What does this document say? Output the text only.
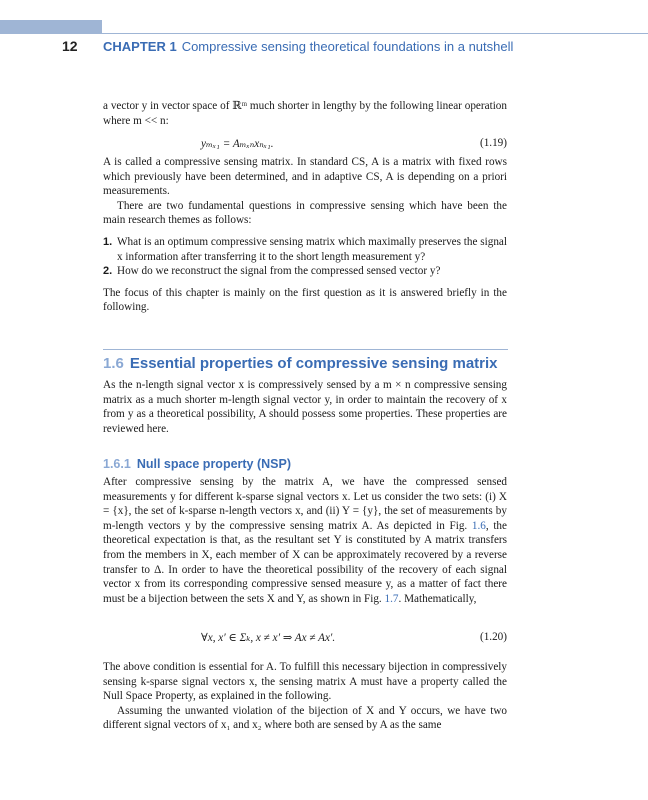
12 CHAPTER 1 Compressive sensing theoretical foundations in a nutshell

a vector y in vector space of ℝᵐ much shorter in lengthy by the following linear operation where m << n:

yₘₓ₁ = Aₘₓₙxₙₓ₁.	(1.19)

A is called a compressive sensing matrix. In standard CS, A is a matrix with fixed rows which previously have been determined, and in adaptive CS, A is depending on a priori measurements.

There are two fundamental questions in compressive sensing which have been the main research themes as follows:

1. What is an optimum compressive sensing matrix which maximally preserves the signal x information after transferring it to the short length measurement y?
2. How do we reconstruct the signal from the compressed sensed vector y?

The focus of this chapter is mainly on the first question as it is answered briefly in the following.

1.6 Essential properties of compressive sensing matrix

As the n-length signal vector x is compressively sensed by a m × n compressive sensing matrix as a much shorter m-length signal vector y, in order to maintain the recovery of x from y as a theoretical possibility, A should possess some properties. These properties are reviewed here.

1.6.1 Null space property (NSP)

After compressive sensing by the matrix A, we have the compressed sensed measurements y for different k-sparse signal vectors x. Let us consider the two sets: (i) X = {x}, the set of k-sparse n-length vectors x, and (ii) Y = {y}, the set of measurements by m-length vectors y by the compressive sensing matrix A. As depicted in Fig. 1.6, the theoretical expectation is that, as the resultant set Y is constituted by A matrix transfers from the members in X, each member of X can be approximately recovered by a reverse transfer to Δ. In order to have the theoretical possibility of the recovery of each signal vector x from its corresponding compressive sensed measure y, as a matter of fact there must be a bijection between the sets X and Y, as shown in Fig. 1.7. Mathematically,

∀x, x′ ∈ Σₖ, x ≠ x′ ⇒ Ax ≠ Ax′.	(1.20)

The above condition is essential for A. To fulfill this necessary bijection in compressively sensing k-sparse signal vectors x, the sensing matrix A must have a property called the Null Space Property, as explained in the following.

Assuming the unwanted violation of the bijection of X and Y occurs, we have two different signal vectors of x₁ and x₂ where both are sensed by A as the same
